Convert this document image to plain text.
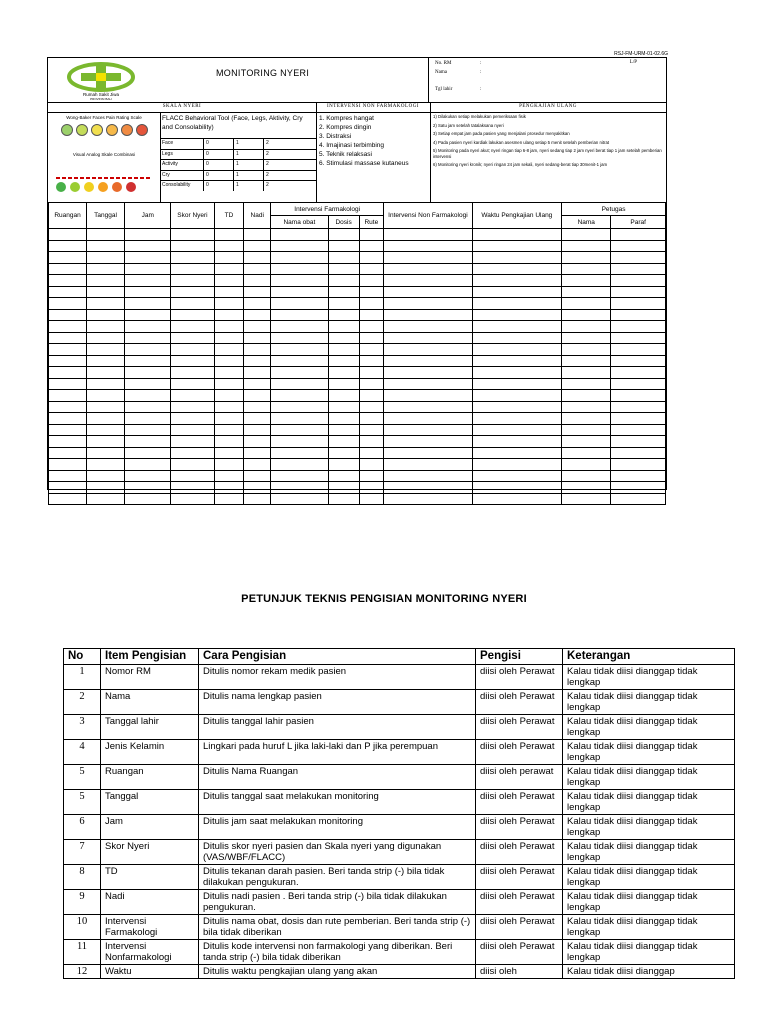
RSJ-FM-URM-01-02.6G
Rumah Sakit Jiwa
PROVINSI BALI
MONITORING NYERI
No. RM	:
Nama	:
Tgl lahir	:
L/P
SKALA NYERI
Wong-Baker Faces Pain Rating Scale
Visual Analog Skale Combinasi
FLACC Behavioral Tool (Face, Legs, Aktivity, Cry and Consolability)
Face	0	1	2
Legs	0	1	2
Activity	0	1	2
Cry	0	1	2
Consolability	0	1	2
INTERVENSI NON FARMAKOLOGI
1. Kompres hangat
2. Kompres dingin
3. Distraksi
4. Imajinasi terbimbing
5. Teknik relaksasi
6. Stimulasi massase kutaneus
PENGKAJIAN ULANG
1) Dilakukan setiap melakukan pemeriksaan fisik
2) Satu jam setelah tatalaksana nyeri
3) Setiap empat jam pada pasien yang menjalani prosedur menyakitkan
4) Pada pasien nyeri kardiak lakukan asesmen ulang setiap 5 menit setelah pemberian nitrat
5) Monitoring pada nyeri akut; nyeri ringan tiap 6-8 jam, nyeri sedang tiap 2 jam nyeri berat tiap 1 jam setelah pemberian intervensi
6) Monitoring nyeri kronik; nyeri ringan 24 jam sekali, nyeri sedang-berat tiap 30menit-1 jam
Ruangan	Tanggal	Jam	Skor Nyeri	TD	Nadi	Intervensi Farmakologi			Intervensi Non Farmakologi	Waktu Pengkajian Ulang	Petugas	
						Nama obat	Dosis	Rute			Nama	Paraf

PETUNJUK TEKNIS PENGISIAN MONITORING NYERI
No	Item Pengisian	Cara Pengisian	Pengisi	Keterangan
1	Nomor RM	Ditulis nomor rekam medik pasien	diisi oleh Perawat	Kalau tidak diisi dianggap tidak lengkap
2	Nama	Ditulis nama lengkap pasien	diisi oleh Perawat	Kalau tidak diisi dianggap tidak lengkap
3	Tanggal lahir	Ditulis tanggal lahir pasien	diisi oleh Perawat	Kalau tidak diisi dianggap tidak lengkap
4	Jenis Kelamin	Lingkari pada huruf L jika laki-laki dan P jika perempuan	diisi oleh Perawat	Kalau tidak diisi dianggap tidak lengkap
5	Ruangan	Ditulis Nama Ruangan	diisi oleh perawat	Kalau tidak diisi dianggap tidak lengkap
5	Tanggal	Ditulis tanggal saat melakukan monitoring	diisi oleh Perawat	Kalau tidak diisi dianggap tidak lengkap
6	Jam	Ditulis jam saat melakukan monitoring	diisi oleh Perawat	Kalau tidak diisi dianggap tidak lengkap
7	Skor Nyeri	Ditulis skor nyeri pasien dan Skala nyeri yang digunakan (VAS/WBF/FLACC)	diisi oleh Perawat	Kalau tidak diisi dianggap tidak lengkap
8	TD	Ditulis tekanan darah pasien. Beri tanda strip (-) bila tidak dilakukan pengukuran.	diisi oleh Perawat	Kalau tidak diisi dianggap tidak lengkap
9	Nadi	Ditulis nadi pasien . Beri tanda strip (-) bila tidak dilakukan pengukuran.	diisi oleh Perawat	Kalau tidak diisi dianggap tidak lengkap
10	Intervensi Farmakologi	Ditulis nama obat, dosis dan rute pemberian. Beri tanda strip (-) bila tidak diberikan	diisi oleh Perawat	Kalau tidak diisi dianggap tidak lengkap
11	Intervensi Nonfarmakologi	Ditulis kode intervensi non farmakologi yang diberikan. Beri tanda strip (-) bila tidak diberikan	diisi oleh Perawat	Kalau tidak diisi dianggap tidak lengkap
12	Waktu	Ditulis waktu pengkajian ulang yang akan	diisi oleh	Kalau tidak diisi dianggap
